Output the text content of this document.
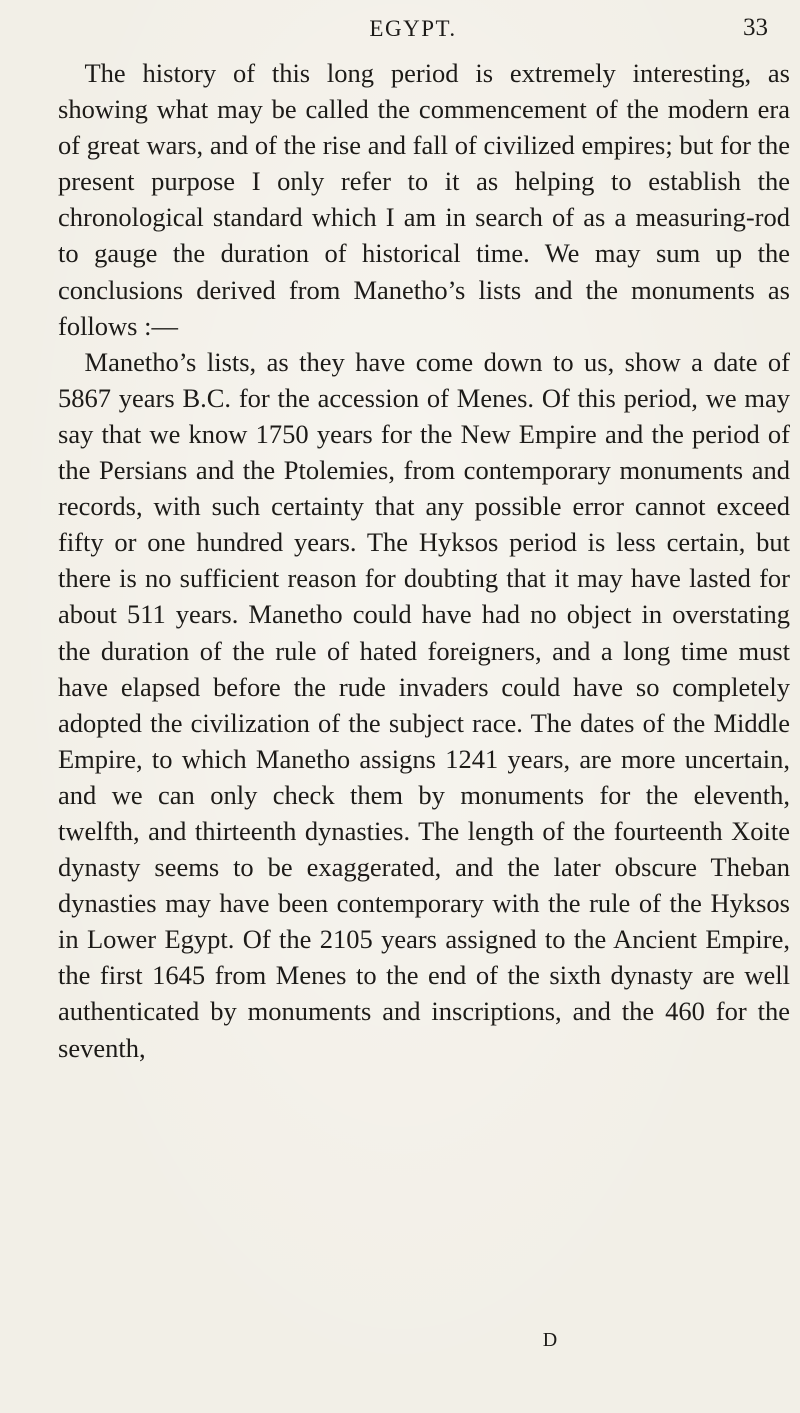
EGYPT.	33

The history of this long period is extremely interesting, as showing what may be called the commencement of the modern era of great wars, and of the rise and fall of civilized empires; but for the present purpose I only refer to it as helping to establish the chronological standard which I am in search of as a measuring-rod to gauge the duration of historical time. We may sum up the conclusions derived from Manetho’s lists and the monuments as follows :—

Manetho’s lists, as they have come down to us, show a date of 5867 years B.C. for the accession of Menes. Of this period, we may say that we know 1750 years for the New Empire and the period of the Persians and the Ptolemies, from contemporary monuments and records, with such certainty that any possible error cannot exceed fifty or one hundred years. The Hyksos period is less certain, but there is no sufficient reason for doubting that it may have lasted for about 511 years. Manetho could have had no object in overstating the duration of the rule of hated foreigners, and a long time must have elapsed before the rude invaders could have so completely adopted the civilization of the subject race. The dates of the Middle Empire, to which Manetho assigns 1241 years, are more uncertain, and we can only check them by monuments for the eleventh, twelfth, and thirteenth dynasties. The length of the fourteenth Xoite dynasty seems to be exaggerated, and the later obscure Theban dynasties may have been contemporary with the rule of the Hyksos in Lower Egypt. Of the 2105 years assigned to the Ancient Empire, the first 1645 from Menes to the end of the sixth dynasty are well authenticated by monuments and inscriptions, and the 460 for the seventh,

D
